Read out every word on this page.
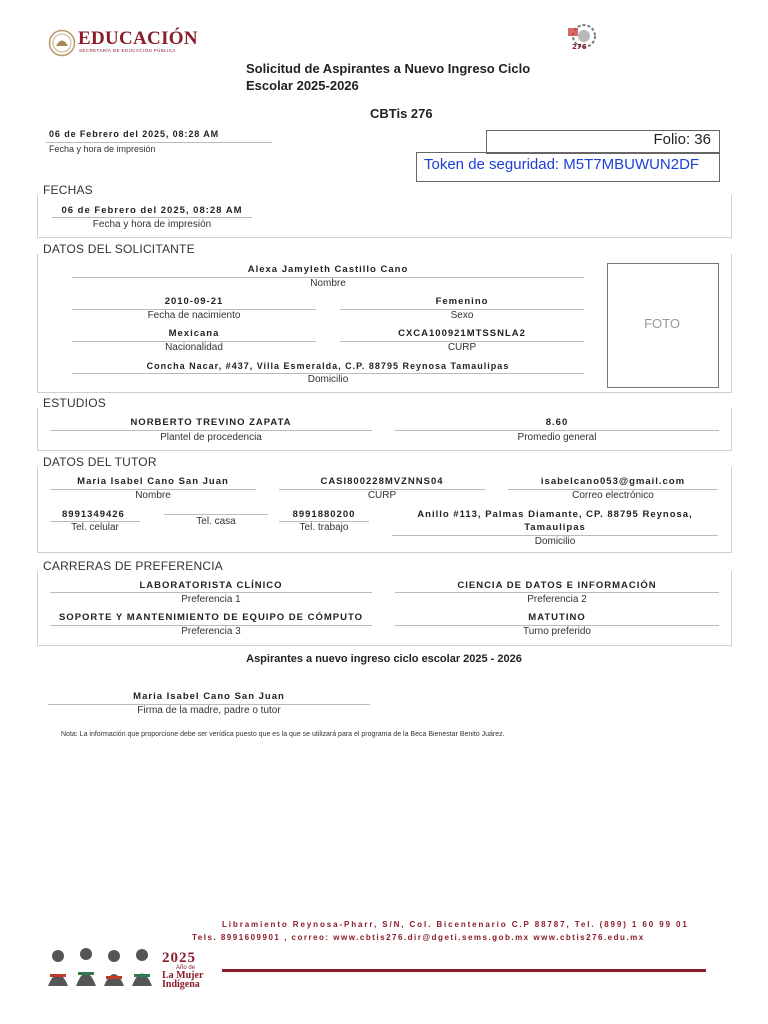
EDUCACIÓN
SECRETARÍA DE EDUCACIÓN PÚBLICA	276
Solicitud de Aspirantes a Nuevo Ingreso Ciclo
Escolar 2025-2026
CBTis 276
06 de Febrero del 2025, 08:28 AM
Fecha y hora de impresión
Folio: 36
Token de seguridad: M5T7MBUWUN2DF
FECHAS
06 de Febrero del 2025, 08:28 AM
Fecha y hora de impresión
DATOS DEL SOLICITANTE
Alexa Jamyleth Castillo Cano
Nombre
2010-09-21
Fecha de nacimiento
Femenino
Sexo
Mexicana
Nacionalidad
CXCA100921MTSSNLA2
CURP
Concha Nacar, #437, Villa Esmeralda, C.P. 88795 Reynosa Tamaulipas
Domicilio
FOTO
ESTUDIOS
NORBERTO TREVINO ZAPATA
Plantel de procedencia
8.60
Promedio general
DATOS DEL TUTOR
Maria Isabel Cano San Juan
Nombre
CASI800228MVZNNS04
CURP
isabelcano053@gmail.com
Correo electrónico
8991349426
Tel. celular
Tel. casa
8991880200
Tel. trabajo
Anillo #113, Palmas Diamante, CP. 88795 Reynosa,
Tamaulipas
Domicilio
CARRERAS DE PREFERENCIA
LABORATORISTA CLÍNICO
Preferencia 1
CIENCIA DE DATOS E INFORMACIÓN
Preferencia 2
SOPORTE Y MANTENIMIENTO DE EQUIPO DE CÓMPUTO
Preferencia 3
MATUTINO
Turno preferido
Aspirantes a nuevo ingreso ciclo escolar 2025 - 2026
Maria Isabel Cano San Juan
Firma de la madre, padre o tutor
Nota: La información que proporcione debe ser verídica puesto que es la que se utilizará para el programa de la Beca Bienestar Benito Juárez.
Libramiento Reynosa-Pharr, S/N, Col. Bicentenario C.P 88787, Tel. (899) 1 60 99 01
Tels. 8991609901 , correo: www.cbtis276.dir@dgeti.sems.gob.mx www.cbtis276.edu.mx
2025
Año de
La Mujer
Indígena
